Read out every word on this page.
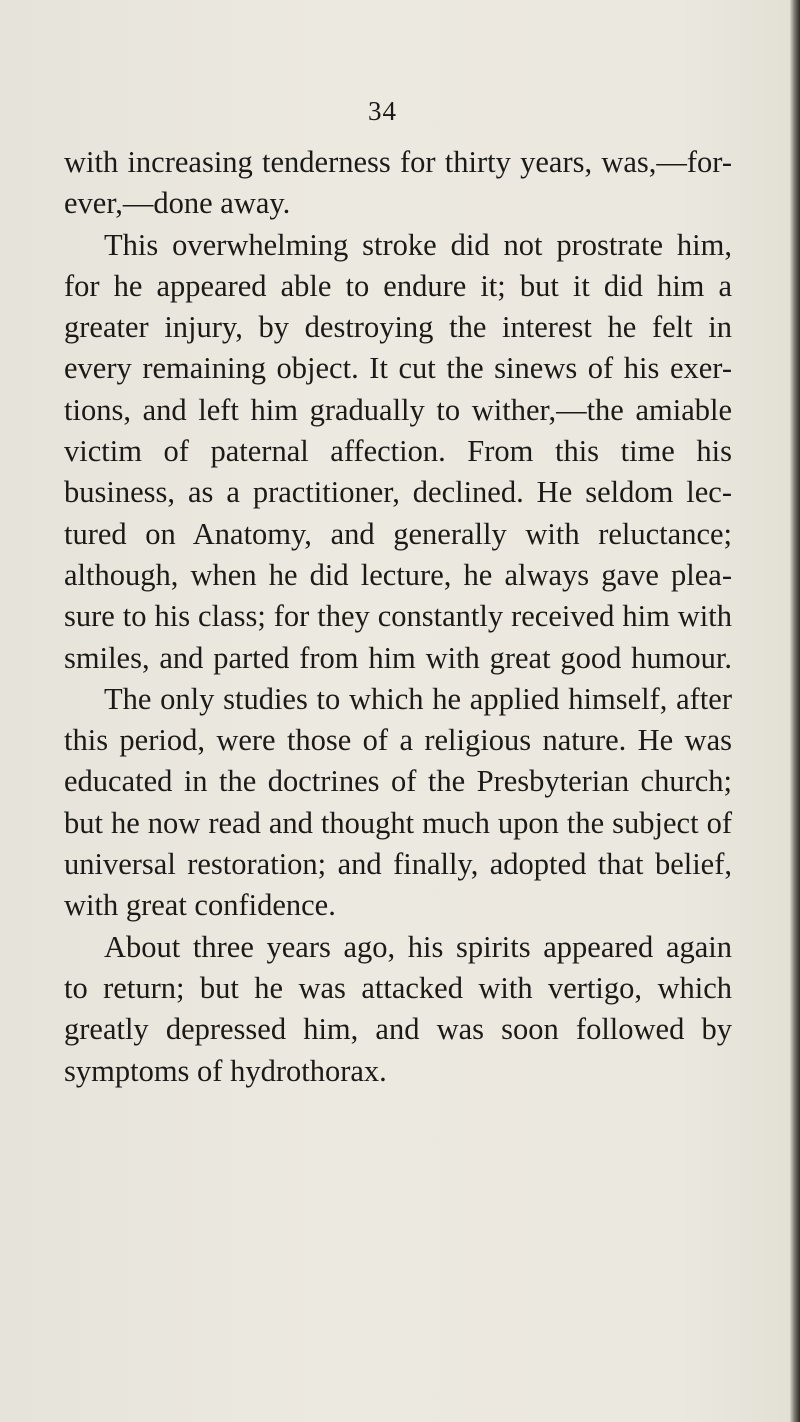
34
with increasing tenderness for thirty years, was,—for-
ever,—done away.
This overwhelming stroke did not prostrate him,
for he appeared able to endure it; but it did him a
greater injury, by destroying the interest he felt in
every remaining object. It cut the sinews of his exer-
tions, and left him gradually to wither,—the amiable
victim of paternal affection. From this time his
business, as a practitioner, declined. He seldom lec-
tured on Anatomy, and generally with reluctance;
although, when he did lecture, he always gave plea-
sure to his class; for they constantly received him with
smiles, and parted from him with great good humour.
The only studies to which he applied himself, after
this period, were those of a religious nature. He was
educated in the doctrines of the Presbyterian church;
but he now read and thought much upon the subject of
universal restoration; and finally, adopted that belief,
with great confidence.
About three years ago, his spirits appeared again
to return; but he was attacked with vertigo, which
greatly depressed him, and was soon followed by
symptoms of hydrothorax.
